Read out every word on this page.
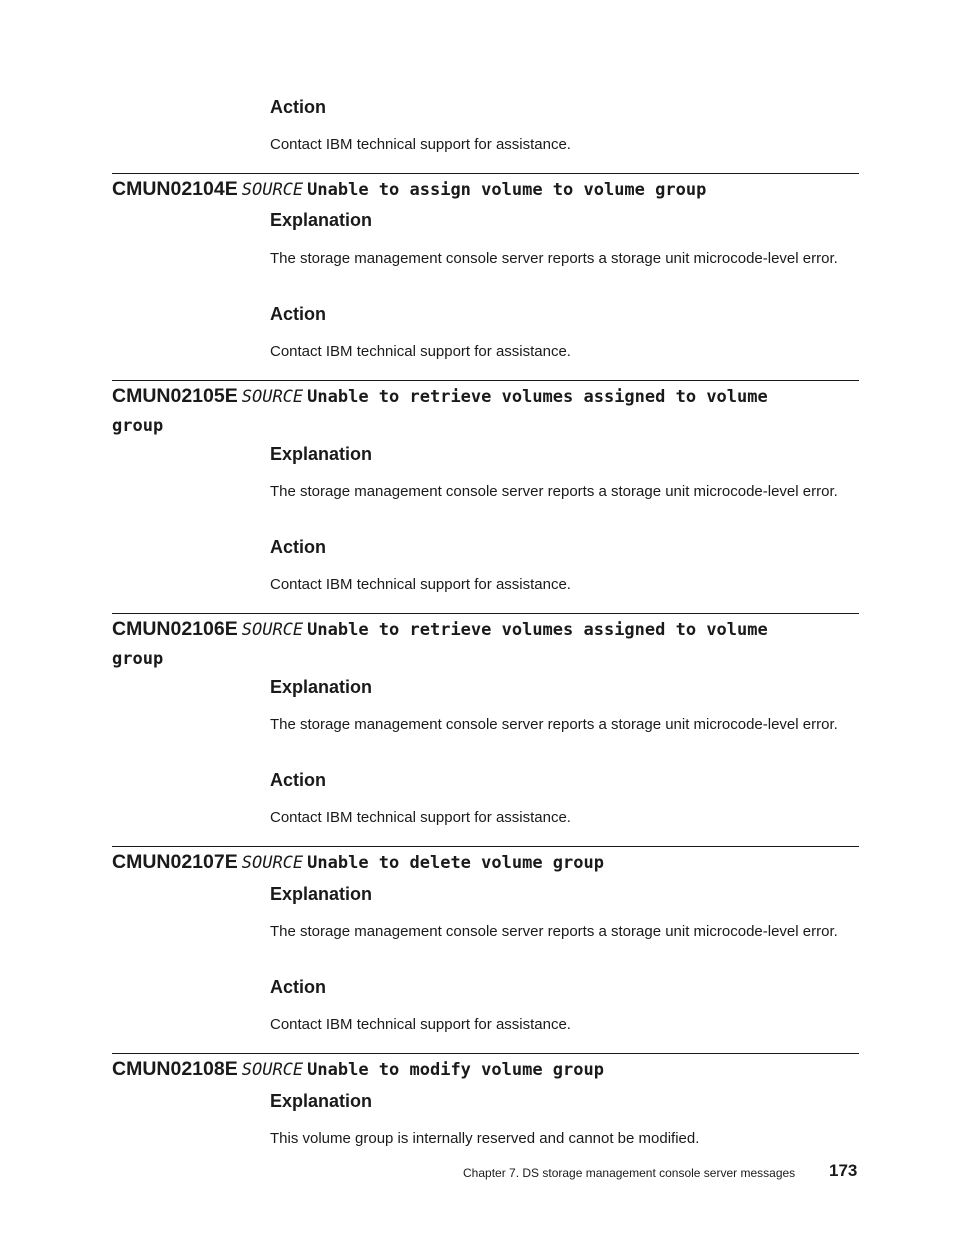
Action
Contact IBM technical support for assistance.
CMUN02104E SOURCE Unable to assign volume to volume group
Explanation
The storage management console server reports a storage unit microcode-level error.
Action
Contact IBM technical support for assistance.
CMUN02105E SOURCE Unable to retrieve volumes assigned to volume
group
Explanation
The storage management console server reports a storage unit microcode-level error.
Action
Contact IBM technical support for assistance.
CMUN02106E SOURCE Unable to retrieve volumes assigned to volume
group
Explanation
The storage management console server reports a storage unit microcode-level error.
Action
Contact IBM technical support for assistance.
CMUN02107E SOURCE Unable to delete volume group
Explanation
The storage management console server reports a storage unit microcode-level error.
Action
Contact IBM technical support for assistance.
CMUN02108E SOURCE Unable to modify volume group
Explanation
This volume group is internally reserved and cannot be modified.
Chapter 7. DS storage management console server messages 173
